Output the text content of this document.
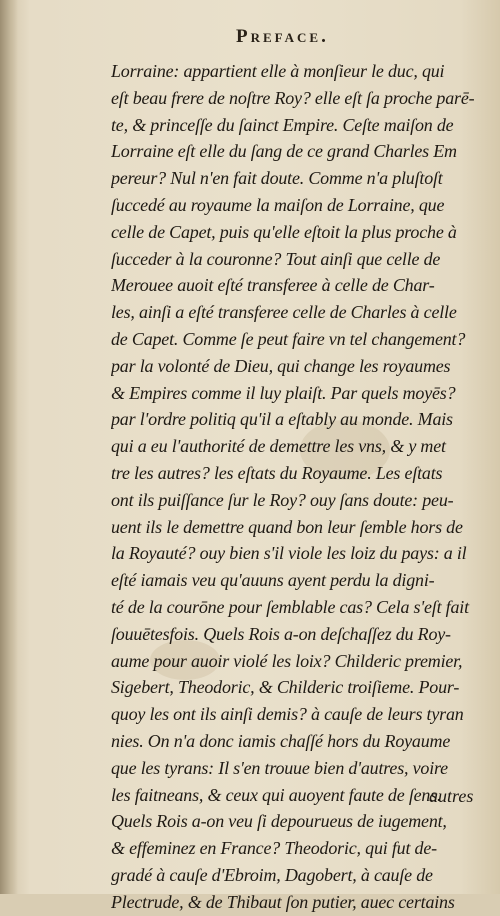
Preface.
Lorraine: appartient elle à monſieur le duc, qui
eſt beau frere de noſtre Roy? elle eſt ſa proche parē-
te, & princeſſe du ſainct Empire. Ceſte maiſon de
Lorraine eſt elle du ſang de ce grand Charles Em
pereur? Nul n'en fait doute. Comme n'a pluſtoſt
ſuccedé au royaume la maiſon de Lorraine, que
celle de Capet, puis qu'elle eſtoit la plus proche à
ſucceder à la couronne? Tout ainſi que celle de
Merouee auoit eſté transferee à celle de Char-
les, ainſi a eſté transferee celle de Charles à celle
de Capet. Comme ſe peut faire vn tel changement?
par la volonté de Dieu, qui change les royaumes
& Empires comme il luy plaiſt. Par quels moyēs?
par l'ordre politiq qu'il a eſtably au monde. Mais
qui a eu l'authorité de demettre les vns, & y met
tre les autres? les eſtats du Royaume. Les eſtats
ont ils puiſſance ſur le Roy? ouy ſans doute: peu-
uent ils le demettre quand bon leur ſemble hors de
la Royauté? ouy bien s'il viole les loiz du pays: a il
eſté iamais veu qu'auuns ayent perdu la digni-
té de la courōne pour ſemblable cas? Cela s'eſt fait
ſouuētesfois. Quels Rois a-on deſchaſſez du Roy-
aume pour auoir violé les loix? Childeric premier,
Sigebert, Theodoric, & Childeric troiſieme. Pour-
quoy les ont ils ainſi demis? à cauſe de leurs tyran
nies. On n'a donc iamis chaſſé hors du Royaume
que les tyrans: Il s'en trouue bien d'autres, voire
les faitneans, & ceux qui auoyent faute de ſens.
Quels Rois a-on veu ſi depourueus de iugement,
& effeminez en France? Theodoric, qui fut de-
gradé à cauſe d'Ebroim, Dagobert, à cauſe de
Plectrude, & de Thibaut ſon putier, auec certains
autres
